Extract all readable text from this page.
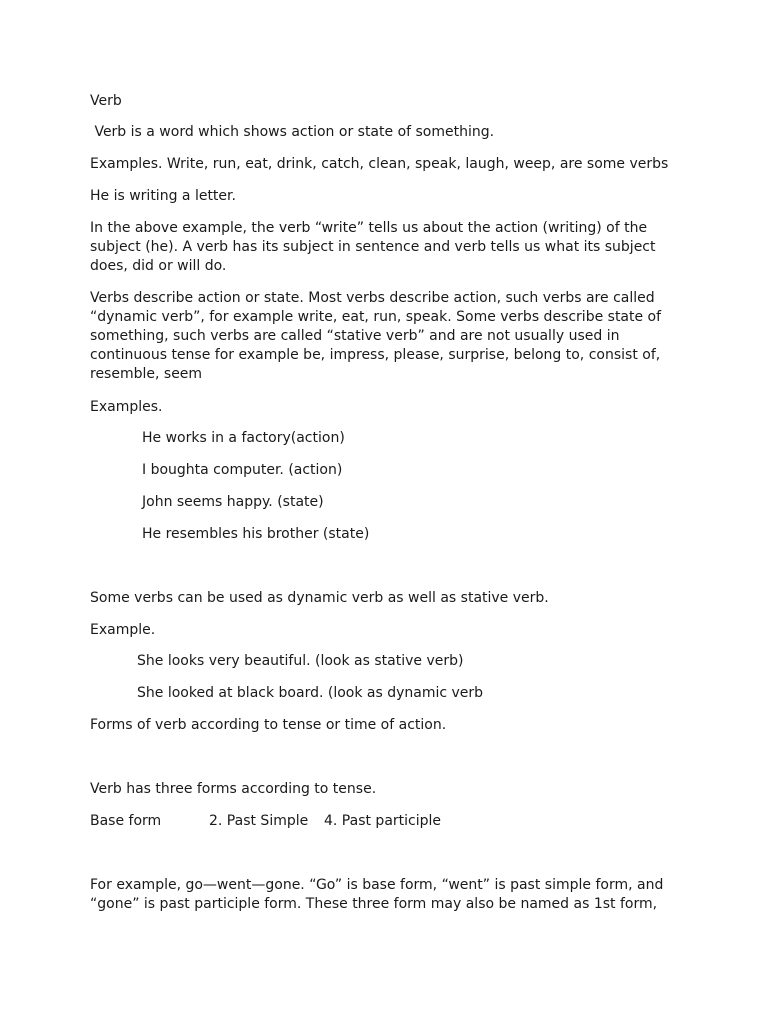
Verb
Verb is a word which shows action or state of something.
Examples. Write, run, eat, drink, catch, clean, speak, laugh, weep, are some verbs
He is writing a letter.
In the above example, the verb “write” tells us about the action (writing) of the
subject (he). A verb has its subject in sentence and verb tells us what its subject
does, did or will do.
Verbs describe action or state. Most verbs describe action, such verbs are called
“dynamic verb”, for example write, eat, run, speak. Some verbs describe state of
something, such verbs are called “stative verb” and are not usually used in
continuous tense for example be, impress, please, surprise, belong to, consist of,
resemble, seem
Examples.
He works in a factory(action)
I boughta computer. (action)
John seems happy. (state)
He resembles his brother (state)
Some verbs can be used as dynamic verb as well as stative verb.
Example.
She looks very beautiful. (look as stative verb)
She looked at black board. (look as dynamic verb
Forms of verb according to tense or time of action.
Verb has three forms according to tense.
Base form	2. Past Simple 4. Past participle
For example, go—went—gone. “Go” is base form, “went” is past simple form, and
“gone” is past participle form. These three form may also be named as 1st form,
